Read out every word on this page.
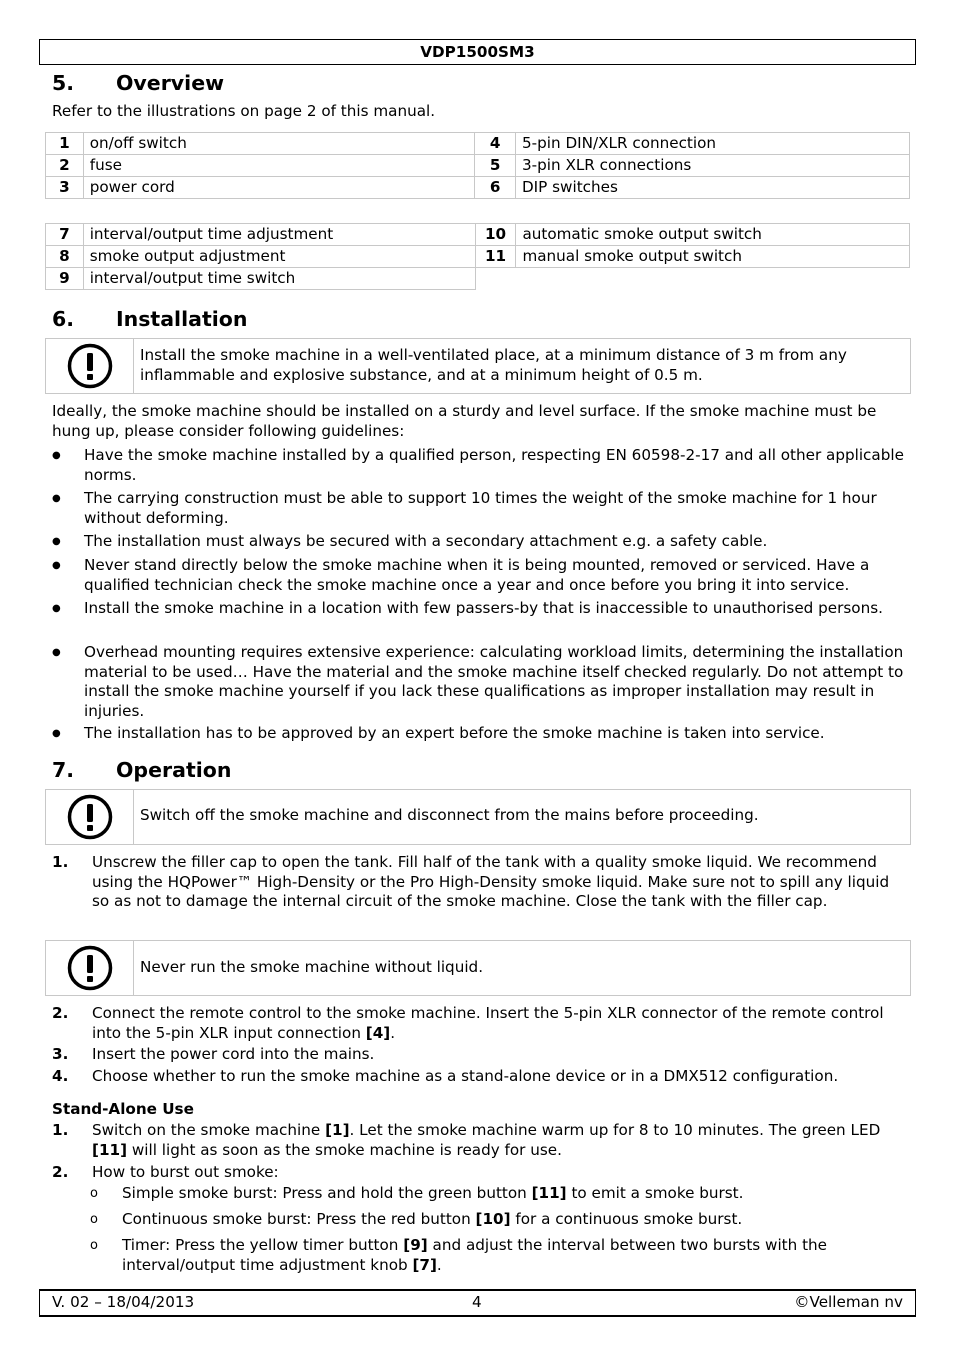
VDP1500SM3
5. Overview
Refer to the illustrations on page 2 of this manual.
1	on/off switch	4	5-pin DIN/XLR connection
2	fuse	5	3-pin XLR connections
3	power cord	6	DIP switches
7	interval/output time adjustment	10	automatic smoke output switch
8	smoke output adjustment	11	manual smoke output switch
9	interval/output time switch		
6. Installation
Install the smoke machine in a well-ventilated place, at a minimum distance of 3 m from any inflammable and explosive substance, and at a minimum height of 0.5 m.
Ideally, the smoke machine should be installed on a sturdy and level surface. If the smoke machine must be hung up, please consider following guidelines:
● Have the smoke machine installed by a qualified person, respecting EN 60598-2-17 and all other applicable norms.
● The carrying construction must be able to support 10 times the weight of the smoke machine for 1 hour without deforming.
● The installation must always be secured with a secondary attachment e.g. a safety cable.
● Never stand directly below the smoke machine when it is being mounted, removed or serviced. Have a qualified technician check the smoke machine once a year and once before you bring it into service.
● Install the smoke machine in a location with few passers-by that is inaccessible to unauthorised persons.
● Overhead mounting requires extensive experience: calculating workload limits, determining the installation material to be used… Have the material and the smoke machine itself checked regularly. Do not attempt to install the smoke machine yourself if you lack these qualifications as improper installation may result in injuries.
● The installation has to be approved by an expert before the smoke machine is taken into service.
7. Operation
Switch off the smoke machine and disconnect from the mains before proceeding.
1. Unscrew the filler cap to open the tank. Fill half of the tank with a quality smoke liquid. We recommend using the HQPower™ High-Density or the Pro High-Density smoke liquid. Make sure not to spill any liquid so as not to damage the internal circuit of the smoke machine. Close the tank with the filler cap.
Never run the smoke machine without liquid.
2. Connect the remote control to the smoke machine. Insert the 5-pin XLR connector of the remote control into the 5-pin XLR input connection [4].
3. Insert the power cord into the mains.
4. Choose whether to run the smoke machine as a stand-alone device or in a DMX512 configuration.
Stand-Alone Use
1. Switch on the smoke machine [1]. Let the smoke machine warm up for 8 to 10 minutes. The green LED [11] will light as soon as the smoke machine is ready for use.
2. How to burst out smoke:
o Simple smoke burst: Press and hold the green button [11] to emit a smoke burst.
o Continuous smoke burst: Press the red button [10] for a continuous smoke burst.
o Timer: Press the yellow timer button [9] and adjust the interval between two bursts with the interval/output time adjustment knob [7].
V. 02 – 18/04/2013	4	©Velleman nv
